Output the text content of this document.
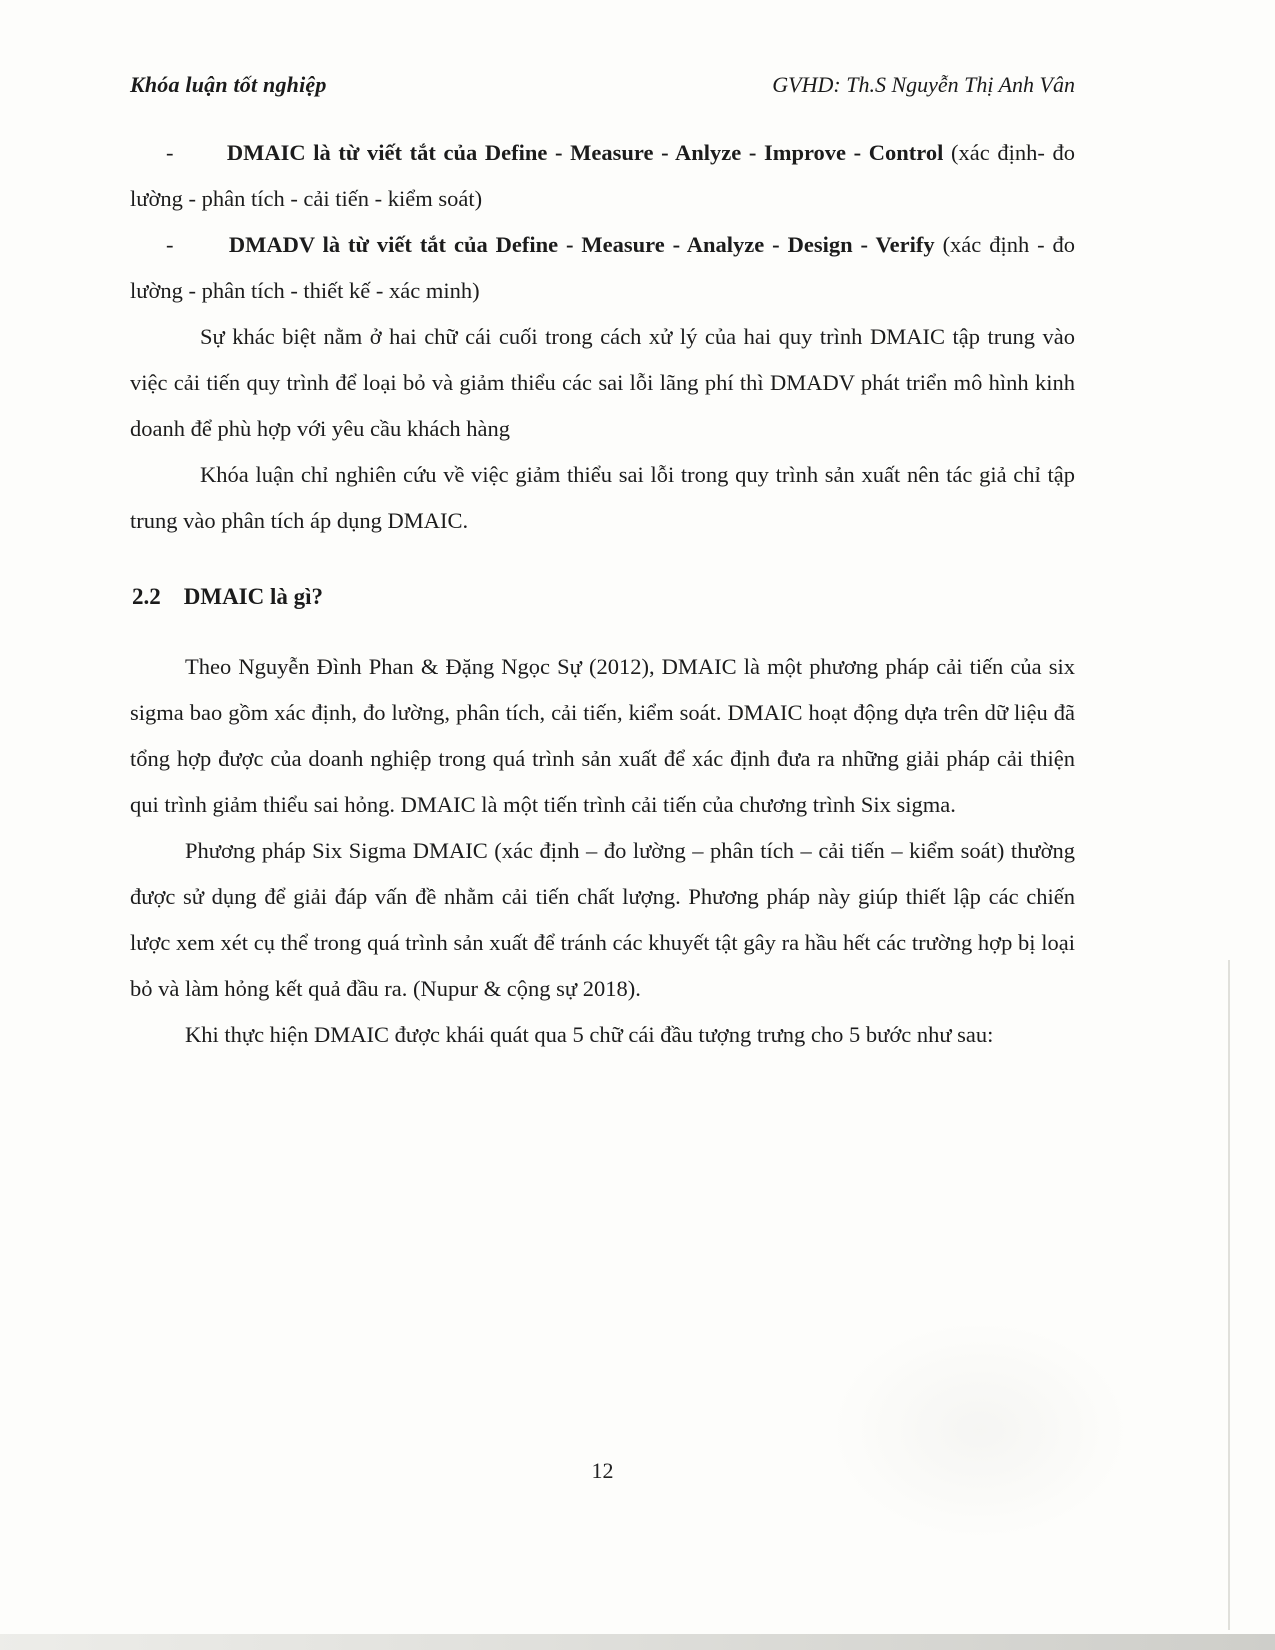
Khóa luận tốt nghiệp	GVHD: Th.S Nguyễn Thị Anh Vân

- DMAIC là từ viết tắt của Define - Measure - Anlyze - Improve - Control (xác định- đo lường - phân tích - cải tiến - kiểm soát)

- DMADV là từ viết tắt của Define - Measure - Analyze - Design - Verify (xác định - đo lường - phân tích - thiết kế - xác minh)

Sự khác biệt nằm ở hai chữ cái cuối trong cách xử lý của hai quy trình DMAIC tập trung vào việc cải tiến quy trình để loại bỏ và giảm thiểu các sai lỗi lãng phí thì DMADV phát triển mô hình kinh doanh để phù hợp với yêu cầu khách hàng

Khóa luận chỉ nghiên cứu về việc giảm thiểu sai lỗi trong quy trình sản xuất nên tác giả chỉ tập trung vào phân tích áp dụng DMAIC.

2.2 DMAIC là gì?

Theo Nguyễn Đình Phan & Đặng Ngọc Sự (2012), DMAIC là một phương pháp cải tiến của six sigma bao gồm xác định, đo lường, phân tích, cải tiến, kiểm soát. DMAIC hoạt động dựa trên dữ liệu đã tổng hợp được của doanh nghiệp trong quá trình sản xuất để xác định đưa ra những giải pháp cải thiện qui trình giảm thiểu sai hỏng. DMAIC là một tiến trình cải tiến của chương trình Six sigma.

Phương pháp Six Sigma DMAIC (xác định – đo lường – phân tích – cải tiến – kiểm soát) thường được sử dụng để giải đáp vấn đề nhằm cải tiến chất lượng. Phương pháp này giúp thiết lập các chiến lược xem xét cụ thể trong quá trình sản xuất để tránh các khuyết tật gây ra hầu hết các trường hợp bị loại bỏ và làm hỏng kết quả đầu ra. (Nupur & cộng sự 2018).

Khi thực hiện DMAIC được khái quát qua 5 chữ cái đầu tượng trưng cho 5 bước như sau:

12
